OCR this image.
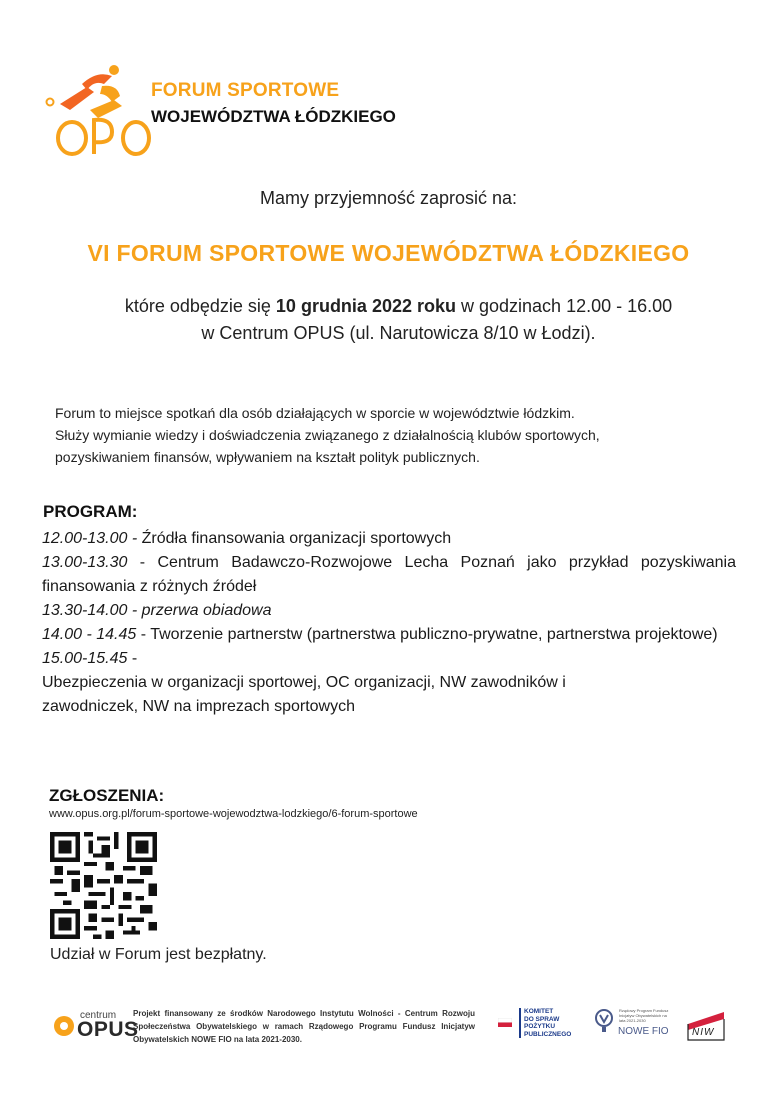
FORUM SPORTOWE
WOJEWÓDZTWA ŁÓDZKIEGO
Mamy przyjemność zaprosić na:
VI FORUM SPORTOWE WOJEWÓDZTWA ŁÓDZKIEGO
które odbędzie się 10 grudnia 2022 roku w godzinach 12.00 - 16.00
w Centrum OPUS (ul. Narutowicza 8/10 w Łodzi).
Forum to miejsce spotkań dla osób działających w sporcie w województwie łódzkim.
Służy wymianie wiedzy i doświadczenia związanego z działalnością klubów sportowych,
pozyskiwaniem finansów, wpływaniem na kształt polityk publicznych.
PROGRAM:

12.00-13.00 - Źródła finansowania organizacji sportowych

13.00-13.30 - Centrum Badawczo-Rozwojowe Lecha Poznań jako przykład pozyskiwania finansowania z różnych źródeł

13.30-14.00 - przerwa obiadowa

14.00 - 14.45 - Tworzenie partnerstw (partnerstwa publiczno-prywatne, partnerstwa projektowe)

15.00-15.45 - Ubezpieczenia w organizacji sportowej, OC organizacji, NW zawodników i zawodniczek, NW na imprezach sportowych

ZGŁOSZENIA:
www.opus.org.pl/forum-sportowe-wojewodztwa-lodzkiego/6-forum-sportowe
Udział w Forum jest bezpłatny.
centrum
OPUS
Projekt finansowany ze środków Narodowego Instytutu Wolności - Centrum Rozwoju Społeczeństwa Obywatelskiego w ramach Rządowego Programu Fundusz Inicjatyw Obywatelskich NOWE FIO na lata 2021-2030.
KOMITET
DO SPRAW
POŻYTKU
PUBLICZNEGO
Rządowy Program Fundusz Inicjatyw Obywatelskich na lata 2021-2030
NOWE FIO NIW
